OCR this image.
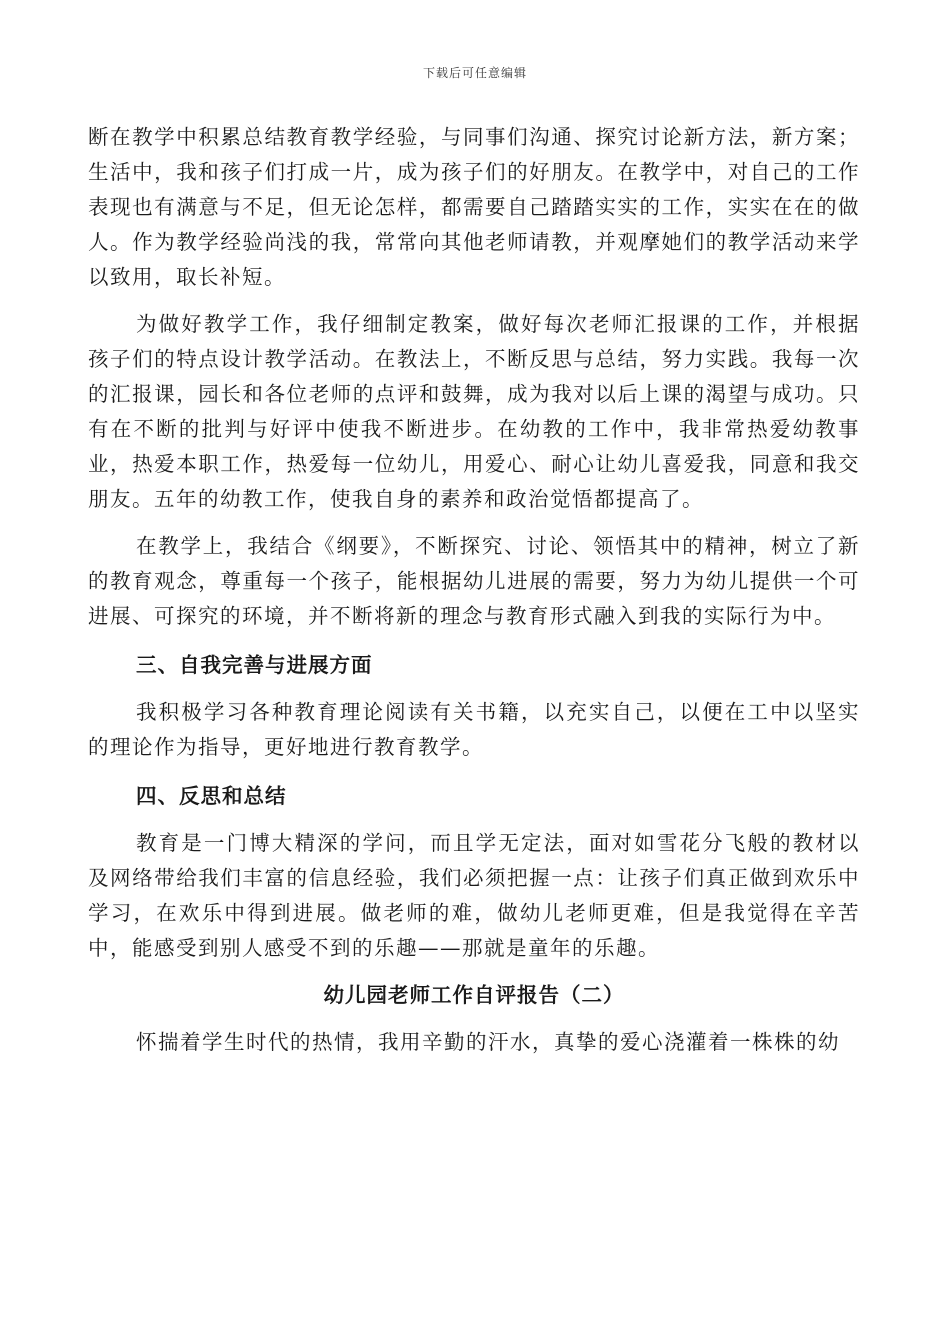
下载后可任意编辑

断在教学中积累总结教育教学经验，与同事们沟通、探究讨论新方法，新方案；生活中，我和孩子们打成一片，成为孩子们的好朋友。在教学中，对自己的工作表现也有满意与不足，但无论怎样，都需要自己踏踏实实的工作，实实在在的做人。作为教学经验尚浅的我，常常向其他老师请教，并观摩她们的教学活动来学以致用，取长补短。

为做好教学工作，我仔细制定教案，做好每次老师汇报课的工作，并根据孩子们的特点设计教学活动。在教法上，不断反思与总结，努力实践。我每一次的汇报课，园长和各位老师的点评和鼓舞，成为我对以后上课的渴望与成功。只有在不断的批判与好评中使我不断进步。在幼教的工作中，我非常热爱幼教事业，热爱本职工作，热爱每一位幼儿，用爱心、耐心让幼儿喜爱我，同意和我交朋友。五年的幼教工作，使我自身的素养和政治觉悟都提高了。

在教学上，我结合《纲要》，不断探究、讨论、领悟其中的精神，树立了新的教育观念，尊重每一个孩子，能根据幼儿进展的需要，努力为幼儿提供一个可进展、可探究的环境，并不断将新的理念与教育形式融入到我的实际行为中。

三、自我完善与进展方面

我积极学习各种教育理论阅读有关书籍，以充实自己，以便在工中以坚实的理论作为指导，更好地进行教育教学。

四、反思和总结

教育是一门博大精深的学问，而且学无定法，面对如雪花分飞般的教材以及网络带给我们丰富的信息经验，我们必须把握一点：让孩子们真正做到欢乐中学习，在欢乐中得到进展。做老师的难，做幼儿老师更难，但是我觉得在辛苦中，能感受到别人感受不到的乐趣——那就是童年的乐趣。

幼儿园老师工作自评报告（二）

怀揣着学生时代的热情，我用辛勤的汗水，真挚的爱心浇灌着一株株的幼
